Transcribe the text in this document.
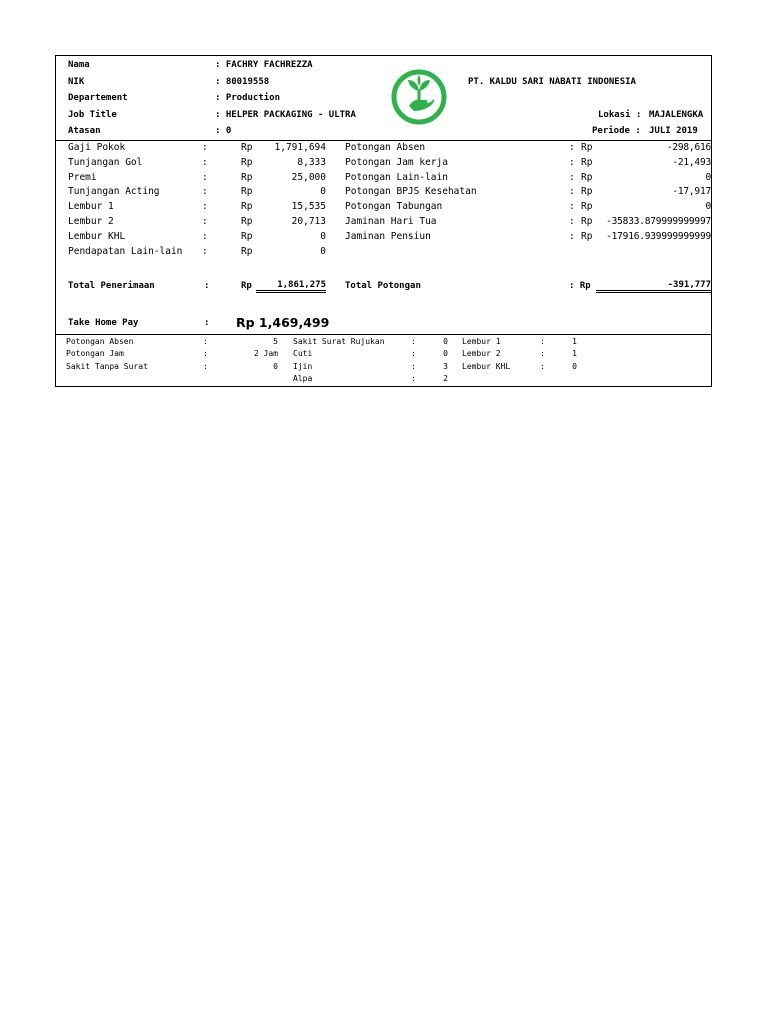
Nama	: FACHRY FACHREZZA
NIK	: 80019558
Departement	: Production
Job Title	: HELPER PACKAGING - ULTRA
Atasan	: 0
PT. KALDU SARI NABATI INDONESIA
Lokasi : MAJALENGKA
Periode : JULI 2019
Gaji Pokok	:	Rp	1,791,694
Tunjangan Gol	:	Rp	8,333
Premi	:	Rp	25,000
Tunjangan Acting	:	Rp	0
Lembur 1	:	Rp	15,535
Lembur 2	:	Rp	20,713
Lembur KHL	:	Rp	0
Pendapatan Lain-lain :	Rp	0
Potongan Absen	: Rp	-298,616
Potongan Jam kerja	: Rp	-21,493
Potongan Lain-lain	: Rp	0
Potongan BPJS Kesehatan	: Rp	-17,917
Potongan Tabungan	: Rp	0
Jaminan Hari Tua	: Rp	-35833.879999999997
Jaminan Pensiun	: Rp	-17916.939999999999
Total Penerimaan	:	Rp	1,861,275 Total Potongan	: Rp	-391,777
Take Home Pay	: Rp 1,469,499
Potongan Absen	:	5
Potongan Jam	:	2 Jam
Sakit Tanpa Surat	:	0
Sakit Surat Rujukan	:	0
Cuti	:	0
Ijin	:	3
Alpa	:	2
Lembur 1	:	1
Lembur 2	:	1
Lembur KHL	:	0
